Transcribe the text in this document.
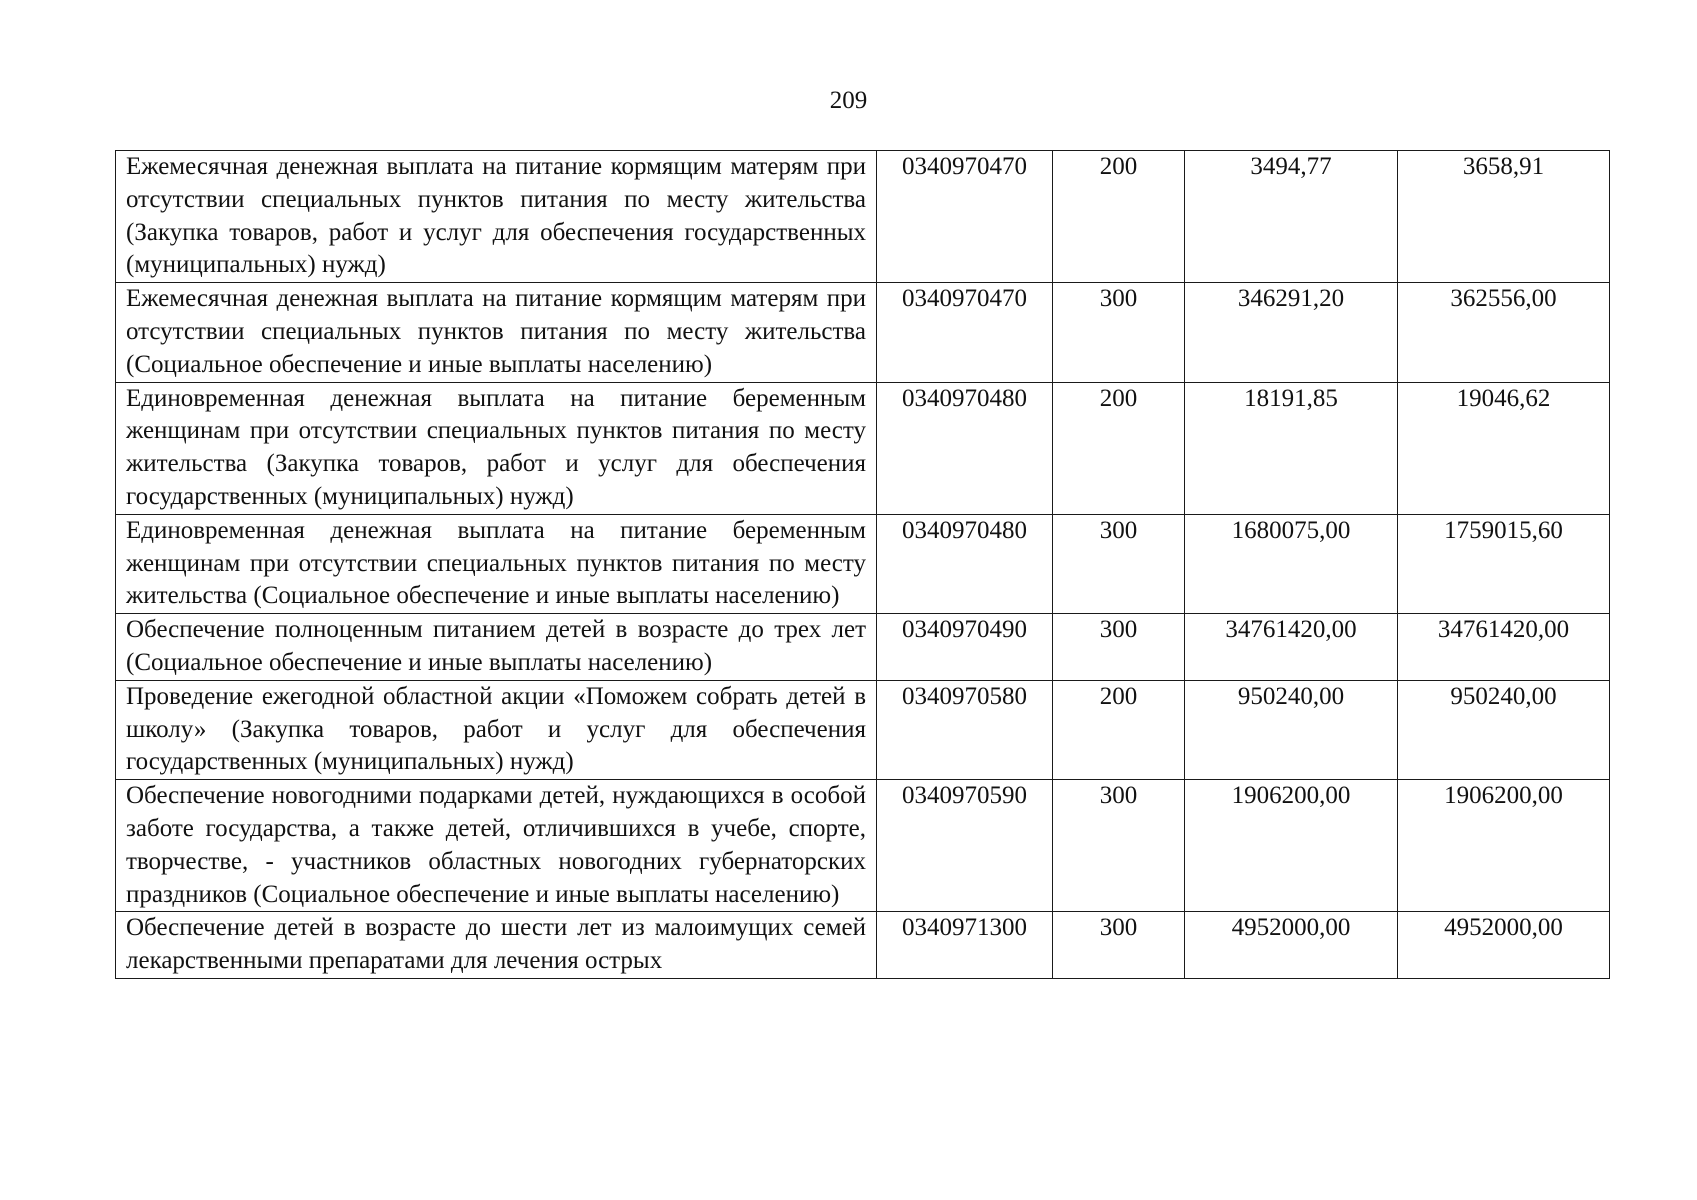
209
Ежемесячная денежная выплата на питание кормящим матерям при отсутствии специальных пунктов питания по месту жительства (Закупка товаров, работ и услуг для обеспечения государственных (муниципальных) нужд)	0340970470	200	3494,77	3658,91
Ежемесячная денежная выплата на питание кормящим матерям при отсутствии специальных пунктов питания по месту жительства (Социальное обеспечение и иные выплаты населению)	0340970470	300	346291,20	362556,00
Единовременная денежная выплата на питание беременным женщинам при отсутствии специальных пунктов питания по месту жительства (Закупка товаров, работ и услуг для обеспечения государственных (муниципальных) нужд)	0340970480	200	18191,85	19046,62
Единовременная денежная выплата на питание беременным женщинам при отсутствии специальных пунктов питания по месту жительства (Социальное обеспечение и иные выплаты населению)	0340970480	300	1680075,00	1759015,60
Обеспечение полноценным питанием детей в возрасте до трех лет (Социальное обеспечение и иные выплаты населению)	0340970490	300	34761420,00	34761420,00
Проведение ежегодной областной акции «Поможем собрать детей в школу» (Закупка товаров, работ и услуг для обеспечения государственных (муниципальных) нужд)	0340970580	200	950240,00	950240,00
Обеспечение новогодними подарками детей, нуждающихся в особой заботе государства, а также детей, отличившихся в учебе, спорте, творчестве, - участников областных новогодних губернаторских праздников (Социальное обеспечение и иные выплаты населению)	0340970590	300	1906200,00	1906200,00
Обеспечение детей в возрасте до шести лет из малоимущих семей лекарственными препаратами для лечения острых	0340971300	300	4952000,00	4952000,00
